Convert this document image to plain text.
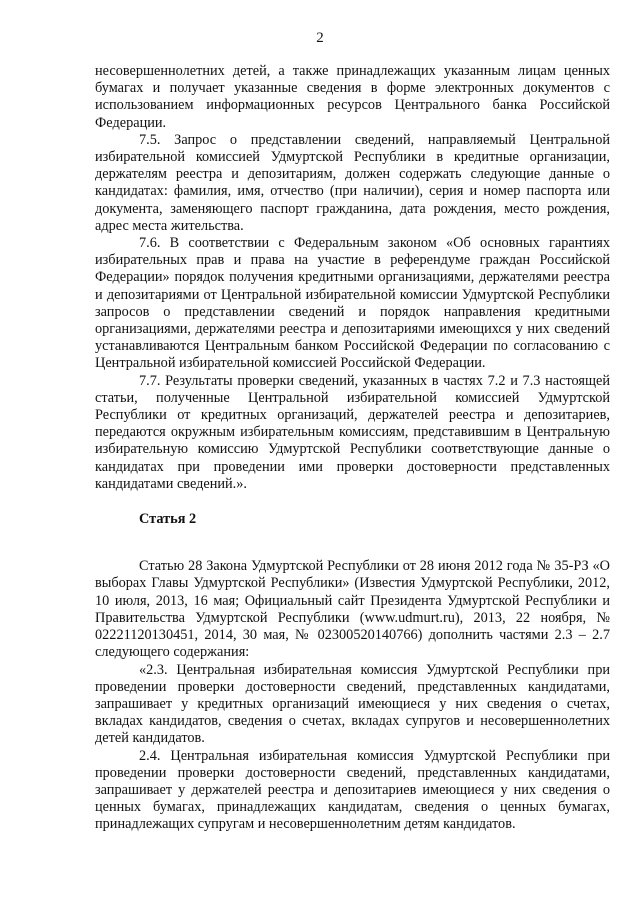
2

несовершеннолетних детей, а также принадлежащих указанным лицам ценных бумагах и получает указанные сведения в форме электронных документов с использованием информационных ресурсов Центрального банка Российской Федерации.

7.5. Запрос о представлении сведений, направляемый Центральной избирательной комиссией Удмуртской Республики в кредитные организации, держателям реестра и депозитариям, должен содержать следующие данные о кандидатах: фамилия, имя, отчество (при наличии), серия и номер паспорта или документа, заменяющего паспорт гражданина, дата рождения, место рождения, адрес места жительства.

7.6. В соответствии с Федеральным законом «Об основных гарантиях избирательных прав и права на участие в референдуме граждан Российской Федерации» порядок получения кредитными организациями, держателями реестра и депозитариями от Центральной избирательной комиссии Удмуртской Республики запросов о представлении сведений и порядок направления кредитными организациями, держателями реестра и депозитариями имеющихся у них сведений устанавливаются Центральным банком Российской Федерации по согласованию с Центральной избирательной комиссией Российской Федерации.

7.7. Результаты проверки сведений, указанных в частях 7.2 и 7.3 настоящей статьи, полученные Центральной избирательной комиссией Удмуртской Республики от кредитных организаций, держателей реестра и депозитариев, передаются окружным избирательным комиссиям, представившим в Центральную избирательную комиссию Удмуртской Республики соответствующие данные о кандидатах при проведении ими проверки достоверности представленных кандидатами сведений.».

Статья 2

Статью 28 Закона Удмуртской Республики от 28 июня 2012 года № 35-РЗ «О выборах Главы Удмуртской Республики» (Известия Удмуртской Республики, 2012, 10 июля, 2013, 16 мая; Официальный сайт Президента Удмуртской Республики и Правительства Удмуртской Республики (www.udmurt.ru), 2013, 22 ноября, № 02221120130451, 2014, 30 мая, № 02300520140766) дополнить частями 2.3 – 2.7 следующего содержания:

«2.3. Центральная избирательная комиссия Удмуртской Республики при проведении проверки достоверности сведений, представленных кандидатами, запрашивает у кредитных организаций имеющиеся у них сведения о счетах, вкладах кандидатов, сведения о счетах, вкладах супругов и несовершеннолетних детей кандидатов.

2.4. Центральная избирательная комиссия Удмуртской Республики при проведении проверки достоверности сведений, представленных кандидатами, запрашивает у держателей реестра и депозитариев имеющиеся у них сведения о ценных бумагах, принадлежащих кандидатам, сведения о ценных бумагах, принадлежащих супругам и несовершеннолетним детям кандидатов.
